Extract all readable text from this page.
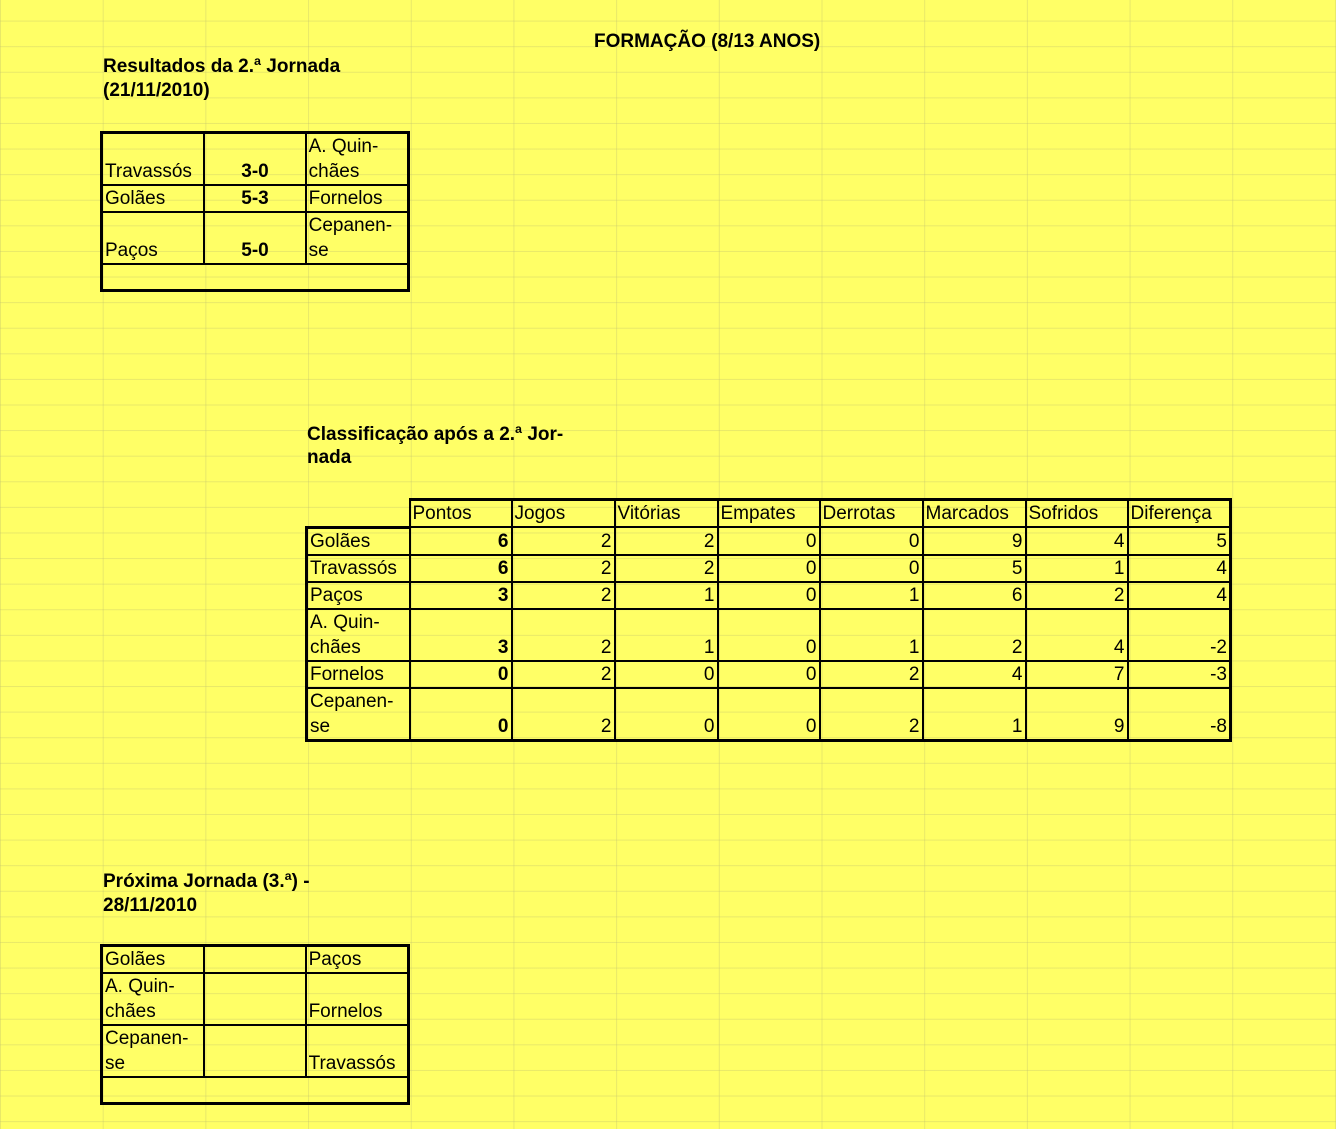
FORMAÇÃO (8/13 ANOS)
Resultados da 2.ª Jornada
(21/11/2010)
Travassós	3-0	A. Quin-
chães

Golães	5-3	Fornelos
Paços	5-0	Cepanen-
se

Classificação após a 2.ª Jor-
nada
	Pontos	Jogos	Vitórias	Empates	Derrotas	Marcados	Sofridos	Diferença
Golães	6	2	2	0	0	9	4	5
Travassós	6	2	2	0	0	5	1	4
Paços	3	2	1	0	1	6	2	4

A. Quin-
chães	3	2	1	0	1	2	4	-2
Fornelos	0	2	0	0	2	4	7	-3

Cepanen-
se	0	2	0	0	2	1	9	-8
Próxima Jornada (3.ª) -
28/11/2010
Golães		Paços

A. Quin-
chães		Fornelos

Cepanen-
se		Travassós
